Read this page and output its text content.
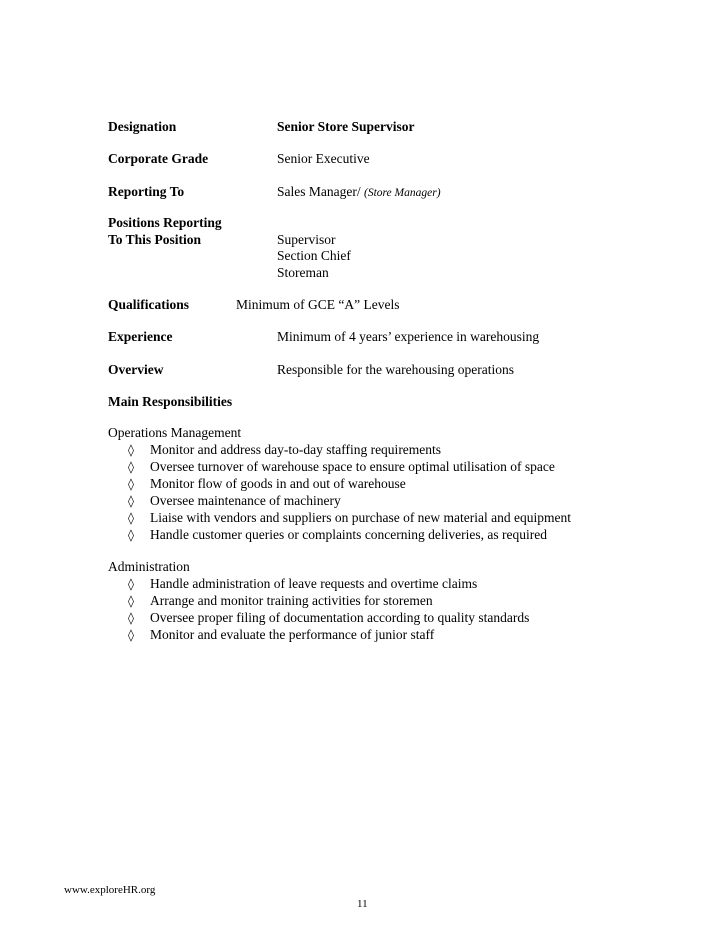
Designation	Senior Store Supervisor
Corporate Grade	Senior Executive
Reporting To	Sales Manager/ (Store Manager)
Positions Reporting
To This Position	Supervisor
Section Chief
Storeman
Qualifications	Minimum of GCE “A” Levels
Experience	Minimum of 4 years’ experience in warehousing
Overview	Responsible for the warehousing operations
Main Responsibilities
Operations Management
◊ Monitor and address day-to-day staffing requirements
◊ Oversee turnover of warehouse space to ensure optimal utilisation of space
◊ Monitor flow of goods in and out of warehouse
◊ Oversee maintenance of machinery
◊ Liaise with vendors and suppliers on purchase of new material and equipment
◊ Handle customer queries or complaints concerning deliveries, as required
Administration
◊ Handle administration of leave requests and overtime claims
◊ Arrange and monitor training activities for storemen
◊ Oversee proper filing of documentation according to quality standards
◊ Monitor and evaluate the performance of junior staff
www.exploreHR.org
11
